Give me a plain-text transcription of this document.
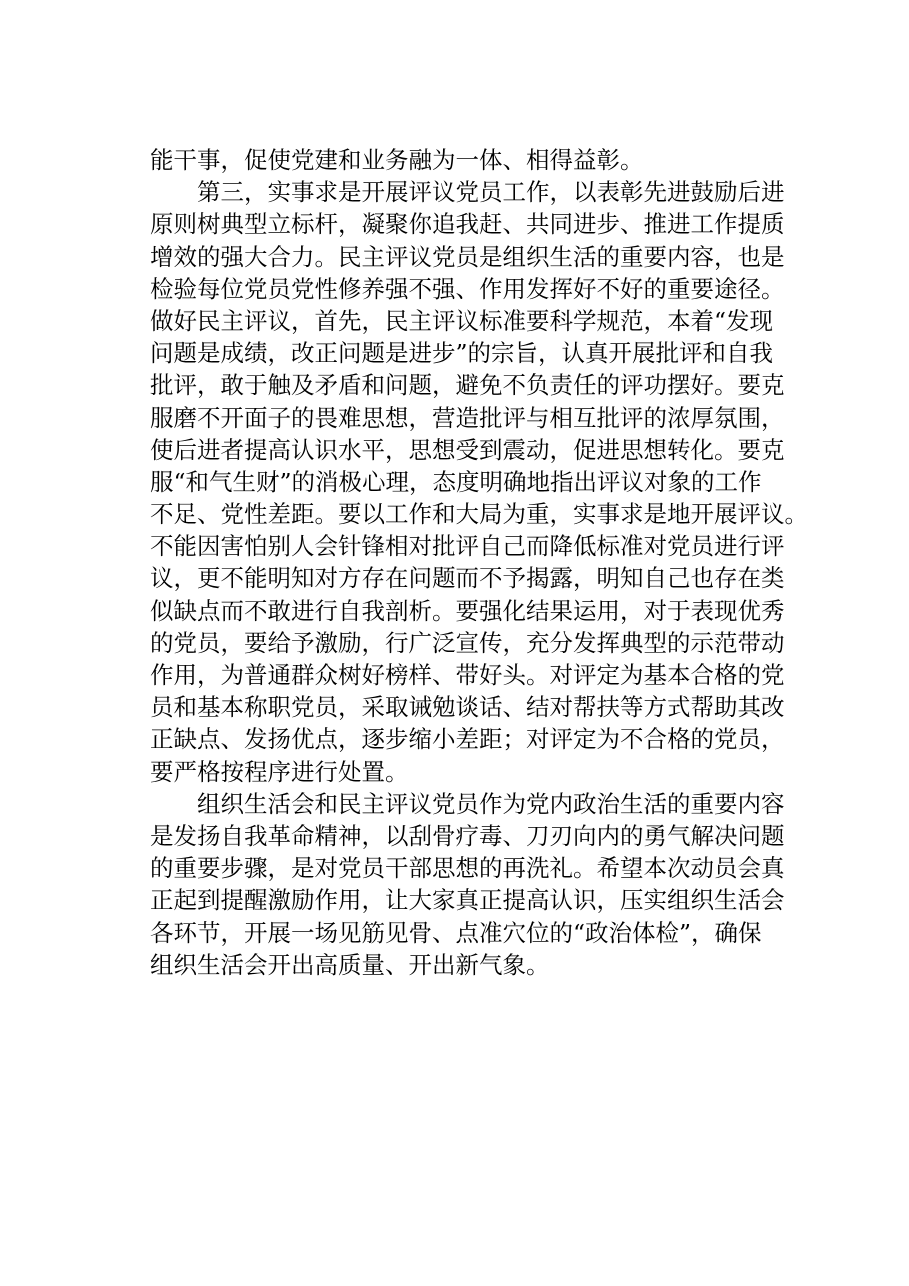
能干事，促使党建和业务融为一体、相得益彰。
第三，实事求是开展评议党员工作，以表彰先进鼓励后进
原则树典型立标杆，凝聚你追我赶、共同进步、推进工作提质
增效的强大合力。民主评议党员是组织生活的重要内容，也是
检验每位党员党性修养强不强、作用发挥好不好的重要途径。
做好民主评议，首先，民主评议标准要科学规范，本着“发现
问题是成绩，改正问题是进步”的宗旨，认真开展批评和自我
批评，敢于触及矛盾和问题，避免不负责任的评功摆好。要克
服磨不开面子的畏难思想，营造批评与相互批评的浓厚氛围，
使后进者提高认识水平，思想受到震动，促进思想转化。要克
服“和气生财”的消极心理，态度明确地指出评议对象的工作
不足、党性差距。要以工作和大局为重，实事求是地开展评议。
不能因害怕别人会针锋相对批评自己而降低标准对党员进行评
议，更不能明知对方存在问题而不予揭露，明知自己也存在类
似缺点而不敢进行自我剖析。要强化结果运用，对于表现优秀
的党员，要给予激励，行广泛宣传，充分发挥典型的示范带动
作用，为普通群众树好榜样、带好头。对评定为基本合格的党
员和基本称职党员，采取诫勉谈话、结对帮扶等方式帮助其改
正缺点、发扬优点，逐步缩小差距；对评定为不合格的党员，
要严格按程序进行处置。
组织生活会和民主评议党员作为党内政治生活的重要内容
是发扬自我革命精神，以刮骨疗毒、刀刃向内的勇气解决问题
的重要步骤，是对党员干部思想的再洗礼。希望本次动员会真
正起到提醒激励作用，让大家真正提高认识，压实组织生活会
各环节，开展一场见筋见骨、点准穴位的“政治体检”，确保
组织生活会开出高质量、开出新气象。
